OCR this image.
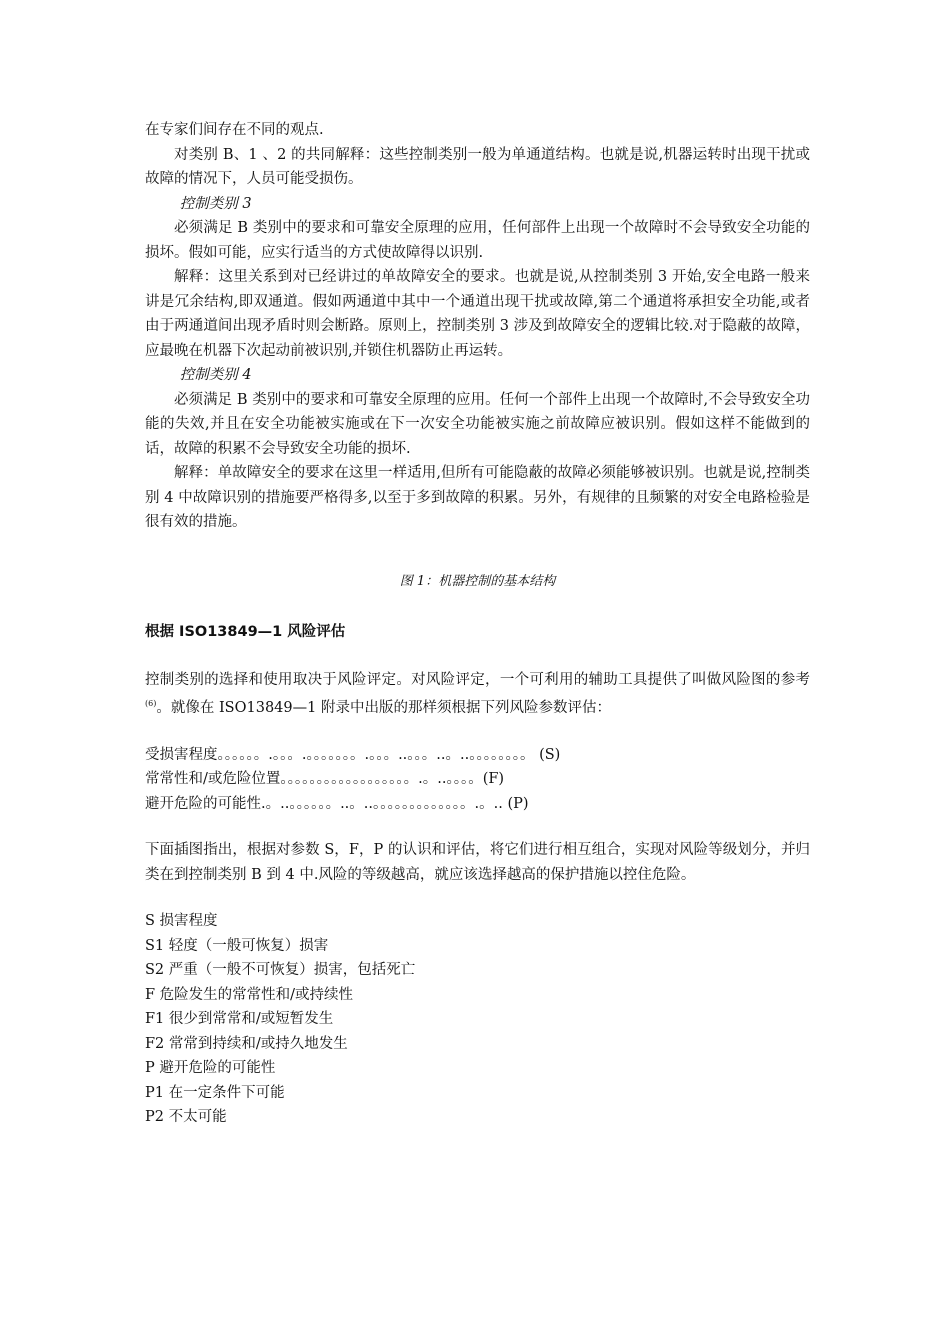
在专家们间存在不同的观点.

对类别 B、1 、2 的共同解释：这些控制类别一般为单通道结构。也就是说,机器运转时出现干扰或故障的情况下，人员可能受损伤。

控制类别 3

必须满足 B 类别中的要求和可靠安全原理的应用，任何部件上出现一个故障时不会导致安全功能的损坏。假如可能，应实行适当的方式使故障得以识别.

解释：这里关系到对已经讲过的单故障安全的要求。也就是说,从控制类别 3 开始,安全电路一般来讲是冗余结构,即双通道。假如两通道中其中一个通道出现干扰或故障,第二个通道将承担安全功能,或者由于两通道间出现矛盾时则会断路。原则上，控制类别 3 涉及到故障安全的逻辑比较.对于隐蔽的故障，应最晚在机器下次起动前被识别,并锁住机器防止再运转。

控制类别 4

必须满足 B 类别中的要求和可靠安全原理的应用。任何一个部件上出现一个故障时,不会导致安全功能的失效,并且在安全功能被实施或在下一次安全功能被实施之前故障应被识别。假如这样不能做到的话，故障的积累不会导致安全功能的损坏.

解释：单故障安全的要求在这里一样适用,但所有可能隐蔽的故障必须能够被识别。也就是说,控制类别 4 中故障识别的措施要严格得多,以至于多到故障的积累。另外，有规律的且频繁的对安全电路检验是很有效的措施。

图 1：机器控制的基本结构

根据 ISO13849—1 风险评估

控制类别的选择和使用取决于风险评定。对风险评定，一个可利用的辅助工具提供了叫做风险图的参考$^{(6)}$。就像在 ISO13849—1 附录中出版的那样须根据下列风险参数评估：

受损害程度。。。。。。.。。。.。。。。。。。.。。。..。。。..。..。。。。。。。。 (S)

常常性和/或危险位置。。。。。。。。。。。。。。。。。。.。..。。。。(F)

避开危险的可能性.。..。。。。。。..。..。。。。。。。。。。。。。.。.. (P)

下面插图指出，根据对参数 S，F，P 的认识和评估，将它们进行相互组合，实现对风险等级划分，并归类在到控制类别 B 到 4 中.风险的等级越高，就应该选择越高的保护措施以控住危险。

S 损害程度

S1 轻度（一般可恢复）损害

S2 严重（一般不可恢复）损害，包括死亡

F 危险发生的常常性和/或持续性

F1 很少到常常和/或短暂发生

F2 常常到持续和/或持久地发生

P 避开危险的可能性

P1 在一定条件下可能

P2 不太可能
